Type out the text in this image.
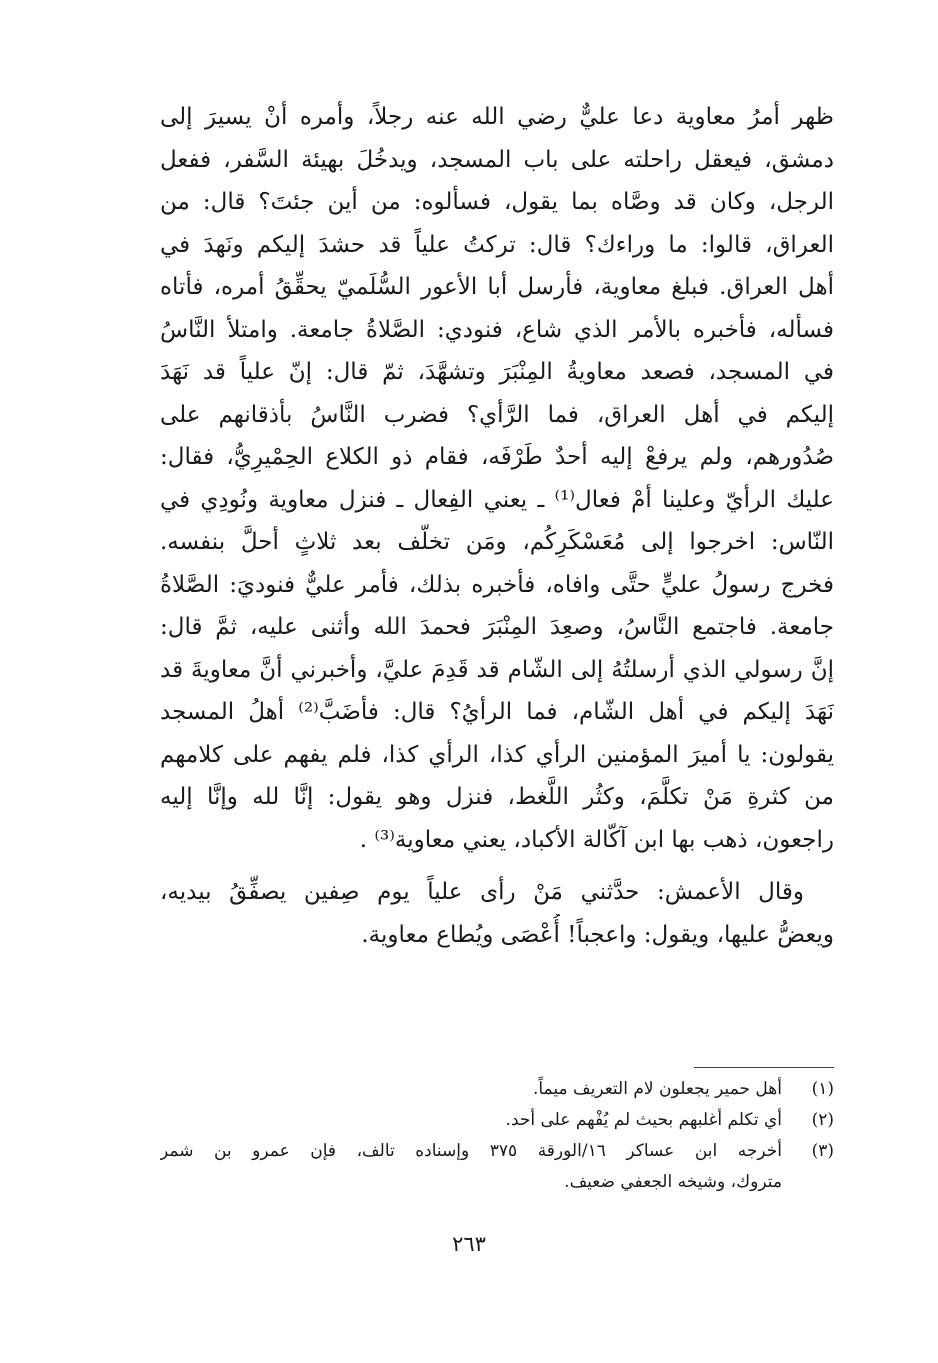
ظهر أمرُ معاوية دعا عليٌّ رضي الله عنه رجلاً، وأمره أنْ يسيرَ إلى
دمشق، فيعقل راحلته على باب المسجد، ويدخُلَ بهيئة السَّفر، ففعل
الرجل، وكان قد وصَّاه بما يقول، فسألوه: من أين جئتَ؟ قال: من
العراق، قالوا: ما وراءك؟ قال: تركتُ علياً قد حشدَ إليكم ونَهدَ في
أهل العراق. فبلغ معاوية، فأرسل أبا الأعور السُّلَميّ يحقِّقُ أمره، فأتاه
فسأله، فأخبره بالأمر الذي شاع، فنودي: الصَّلاةُ جامعة. وامتلأ النَّاسُ
في المسجد، فصعد معاويةُ المِنْبَرَ وتشهَّدَ، ثمّ قال: إنّ علياً قد نَهَدَ
إليكم في أهل العراق، فما الرَّأي؟ فضرب النَّاسُ بأذقانهم على
صُدُورهم، ولم يرفعْ إليه أحدٌ طَرْفَه، فقام ذو الكلاع الحِمْيرِيُّ، فقال:
عليك الرأيّ وعلينا أمْ فعال⁽¹⁾ ـ يعني الفِعال ـ فنزل معاوية ونُودِي في
النّاس: اخرجوا إلى مُعَسْكَرِكُم، ومَن تخلّف بعد ثلاثٍ أحلَّ بنفسه.
فخرج رسولُ عليٍّ حتَّى وافاه، فأخبره بذلك، فأمر عليٌّ فنوديَ: الصَّلاةُ
جامعة. فاجتمع النَّاسُ، وصعِدَ المِنْبَرَ فحمدَ الله وأثنى عليه، ثمَّ قال:
إنَّ رسولي الذي أرسلتُهُ إلى الشّام قد قَدِمَ عليَّ، وأخبرني أنَّ معاويةَ قد
نَهَدَ إليكم في أهل الشّام، فما الرأيُ؟ قال: فأضَبَّ⁽²⁾ أهلُ المسجد
يقولون: يا أميرَ المؤمنين الرأي كذا، الرأي كذا، فلم يفهم على كلامهم
من كثرةِ مَنْ تكلَّمَ، وكثُر اللَّغط، فنزل وهو يقول: إنَّا لله وإنَّا إليه
راجعون، ذهب بها ابن آكّالة الأكباد، يعني معاوية⁽³⁾ .
وقال الأعمش: حدَّثني مَنْ رأى علياً يوم صِفين يصفِّقُ بيديه،
ويعضُّ عليها، ويقول: واعجباً! أُعْصَى ويُطاع معاوية.
(١)
أهل حمير يجعلون لام التعريف ميماً.
(٢)
أي تكلم أغلبهم بحيث لم يُفْهم على أحد.
(٣)
أخرجه ابن عساكر ١٦/الورقة ٣٧٥ وإسناده تالف، فإن عمرو بن شمر
متروك، وشيخه الجعفي ضعيف.
٢٦٣
